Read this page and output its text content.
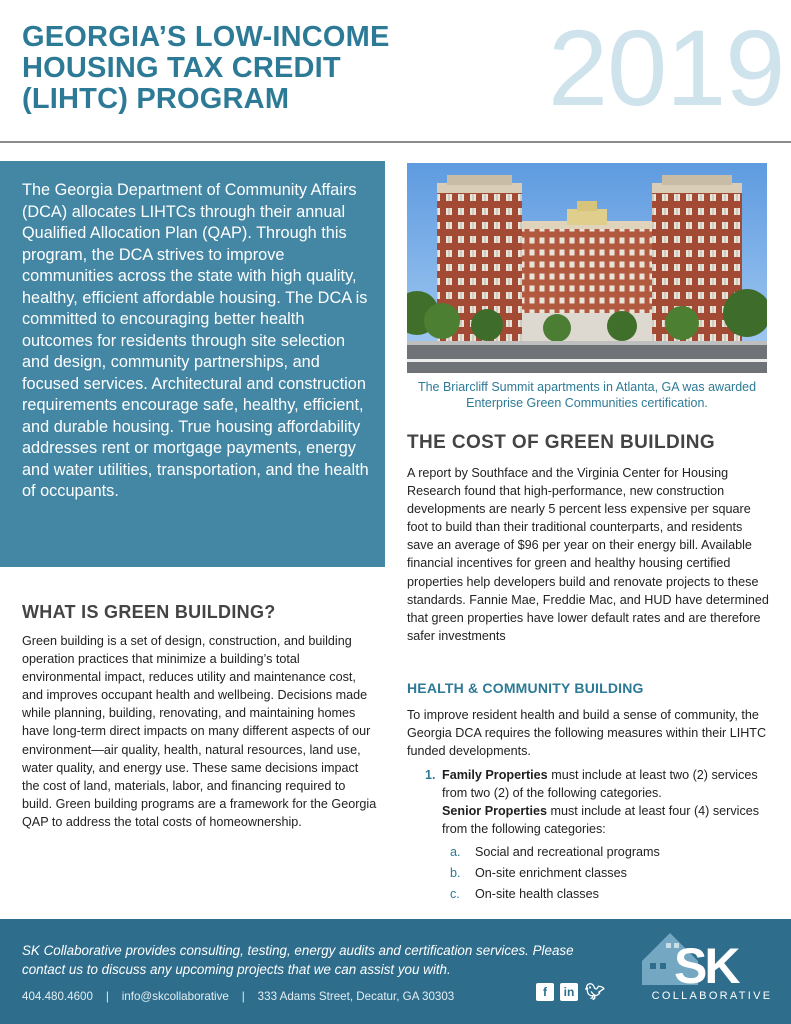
GEORGIA’S LOW-INCOME
HOUSING TAX CREDIT
(LIHTC) PROGRAM	2019

The Georgia Department of Community Affairs (DCA) allocates LIHTCs through their annual Qualified Allocation Plan (QAP). Through this program, the DCA strives to improve communities across the state with high quality, healthy, efficient affordable housing. The DCA is committed to encouraging better health outcomes for residents through site selection and design, community partnerships, and focused services. Architectural and construction requirements encourage safe, healthy, efficient, and durable housing. True housing affordability addresses rent or mortgage payments, energy and water utilities, transportation, and the health of occupants.

WHAT IS GREEN BUILDING?

Green building is a set of design, construction, and building operation practices that minimize a building’s total environmental impact, reduces utility and maintenance cost, and improves occupant health and wellbeing. Decisions made while planning, building, renovating, and maintaining homes have long-term direct impacts on many different aspects of our environment—air quality, health, natural resources, land use, water quality, and energy use. These same decisions impact the cost of land, materials, labor, and financing required to build. Green building programs are a framework for the Georgia QAP to address the total costs of homeownership.

The Briarcliff Summit apartments in Atlanta, GA was awarded Enterprise Green Communities certification.

THE COST OF GREEN BUILDING

A report by Southface and the Virginia Center for Housing Research found that high-performance, new construction developments are nearly 5 percent less expensive per square foot to build than their traditional counterparts, and residents save an average of $96 per year on their energy bill. Available financial incentives for green and healthy housing certified properties help developers build and renovate projects to these standards. Fannie Mae, Freddie Mac, and HUD have determined that green properties have lower default rates and are therefore safer investments

HEALTH & COMMUNITY BUILDING

To improve resident health and build a sense of community, the Georgia DCA requires the following measures within their LIHTC funded developments.

1. Family Properties must include at least two (2) services from two (2) of the following categories.
Senior Properties must include at least four (4) services from the following categories:
a. Social and recreational programs
b. On-site enrichment classes
c. On-site health classes

SK Collaborative provides consulting, testing, energy audits and certification services. Please contact us to discuss any upcoming projects that we can assist you with.

404.480.4600 | info@skcollaborative | 333 Adams Street, Decatur, GA 30303	f	in 🐦︎ SK
COLLABORATIVE
